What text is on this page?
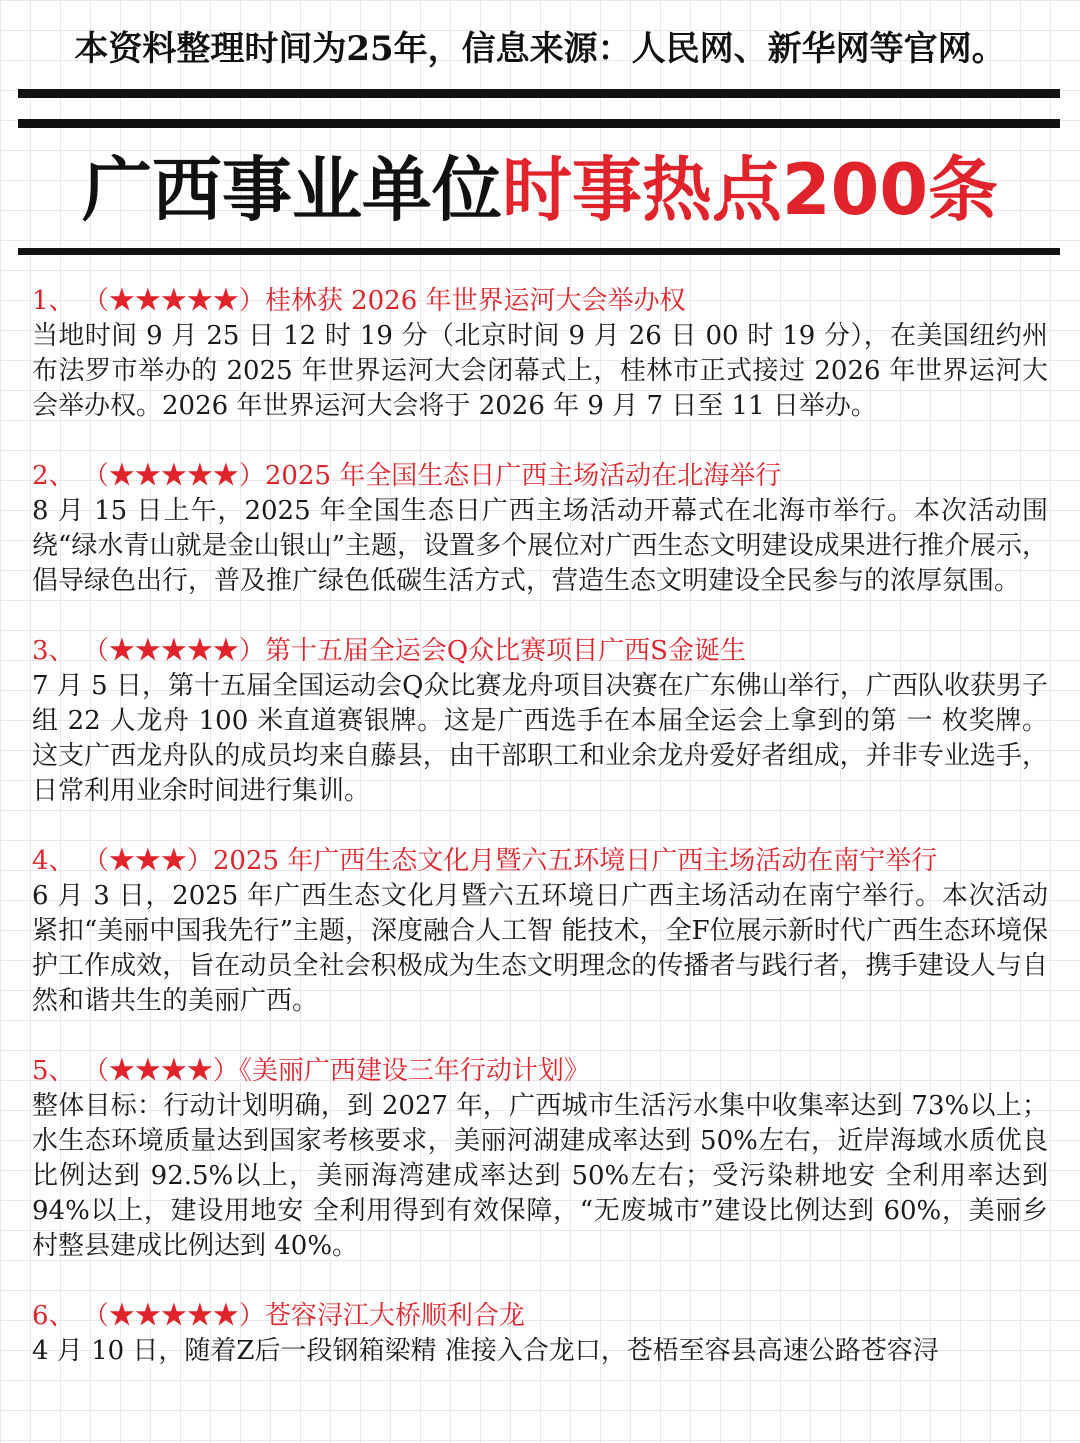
本资料整理时间为25年，信息来源：人民网、新华网等官网。
广西事业单位时事热点200条
1、 （★★★★★）桂林获 2026 年世界运河大会举办权
当地时间 9 月 25 日 12 时 19 分（北京时间 9 月 26 日 00 时 19 分），在美国纽约州布法罗市举办的 2025 年世界运河大会闭幕式上，桂林市正式接过 2026 年世界运河大会举办权。2026 年世界运河大会将于 2026 年 9 月 7 日至 11 日举办。
2、 （★★★★★）2025 年全国生态日广西主场活动在北海举行
8 月 15 日上午，2025 年全国生态日广西主场活动开幕式在北海市举行。本次活动围绕“绿水青山就是金山银山”主题，设置多个展位对广西生态文明建设成果进行推介展示，倡导绿色出行，普及推广绿色低碳生活方式，营造生态文明建设全民参与的浓厚氛围。
3、 （★★★★★）第十五届全运会Q众比赛项目广西S金诞生
7 月 5 日，第十五届全国运动会Q众比赛龙舟项目决赛在广东佛山举行，广西队收获男子组 22 人龙舟 100 米直道赛银牌。这是广西选手在本届全运会上拿到的第 一 枚奖牌。这支广西龙舟队的成员均来自藤县，由干部职工和业余龙舟爱好者组成，并非专业选手，日常利用业余时间进行集训。
4、 （★★★）2025 年广西生态文化月暨六五环境日广西主场活动在南宁举行
6 月 3 日，2025 年广西生态文化月暨六五环境日广西主场活动在南宁举行。本次活动紧扣“美丽中国我先行”主题，深度融合人工智 能技术，全F位展示新时代广西生态环境保护工作成效，旨在动员全社会积极成为生态文明理念的传播者与践行者，携手建设人与自然和谐共生的美丽广西。
5、 （★★★★）《美丽广西建设三年行动计划》
整体目标：行动计划明确，到 2027 年，广西城市生活污水集中收集率达到 73%以上；水生态环境质量达到国家考核要求，美丽河湖建成率达到 50%左右，近岸海域水质优良比例达到 92.5%以上，美丽海湾建成率达到 50%左右；受污染耕地安 全利用率达到 94%以上，建设用地安 全利用得到有效保障，“无废城市”建设比例达到 60%，美丽乡村整县建成比例达到 40%。
6、 （★★★★★）苍容浔江大桥顺利合龙
4 月 10 日，随着Z后一段钢箱梁精 准接入合龙口，苍梧至容县高速公路苍容浔
